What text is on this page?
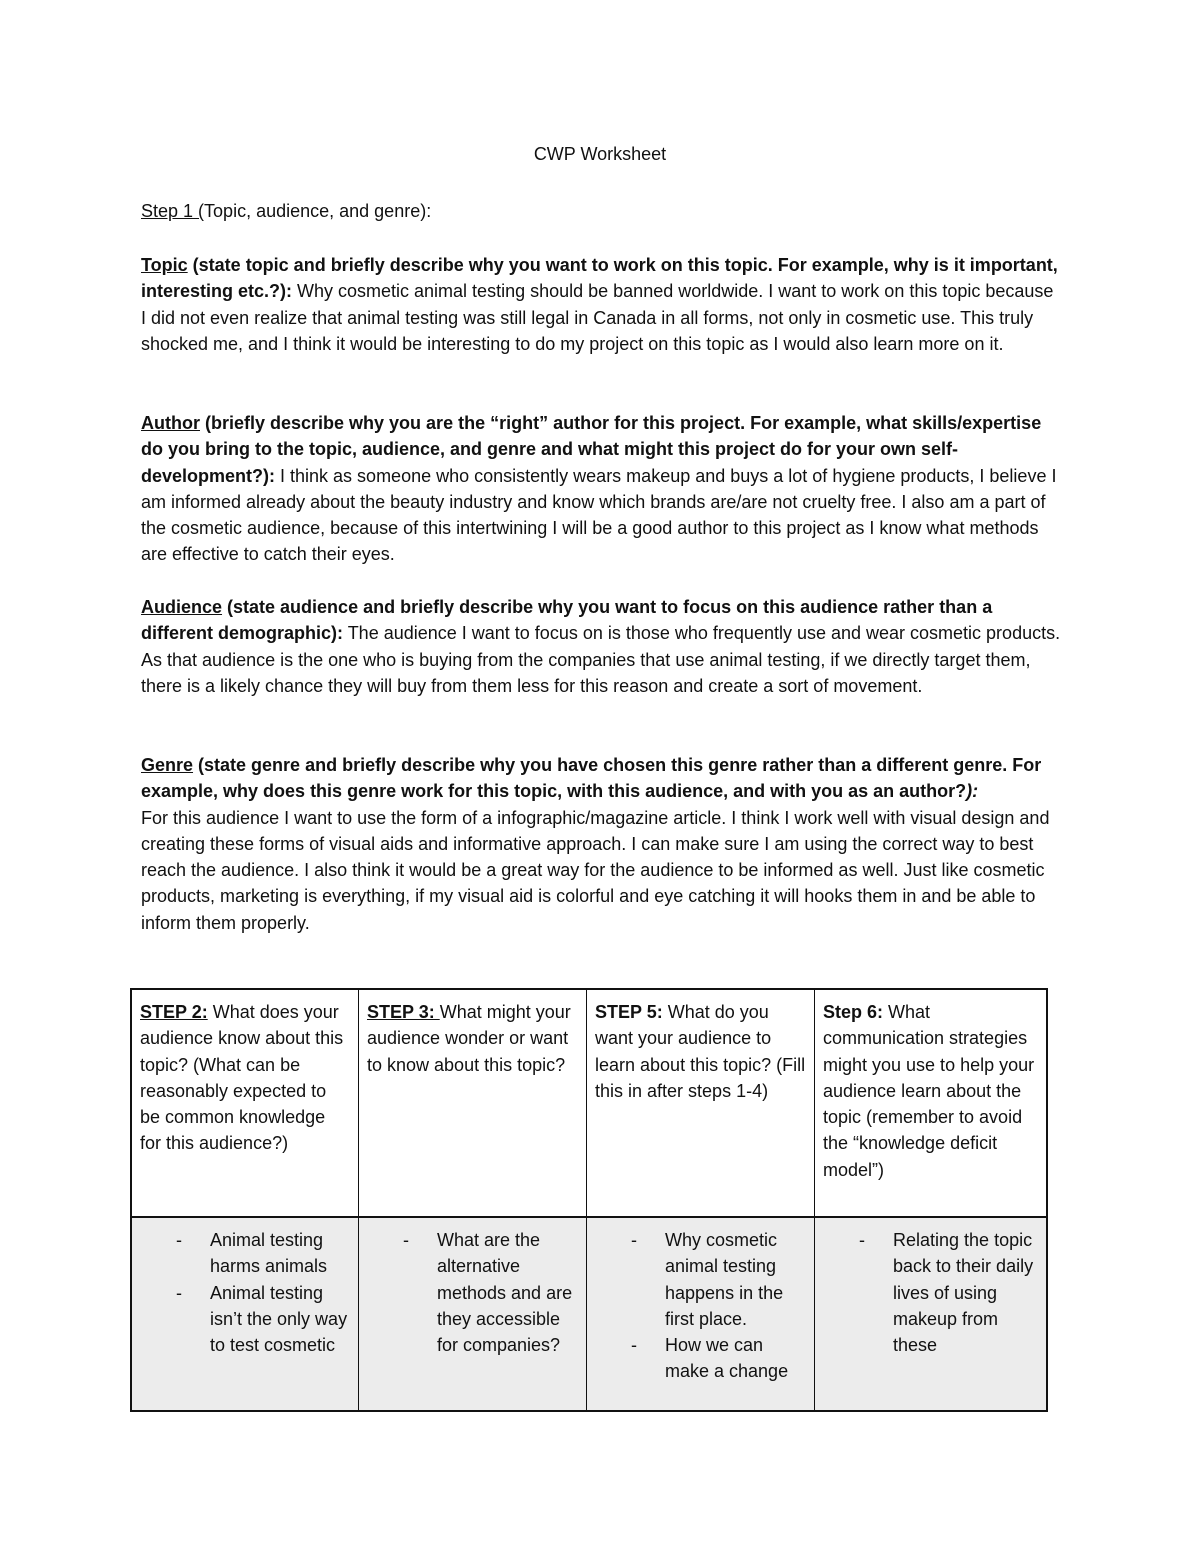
CWP Worksheet

Step 1 (Topic, audience, and genre):

Topic (state topic and briefly describe why you want to work on this topic. For example, why is it important, interesting etc.?): Why cosmetic animal testing should be banned worldwide. I want to work on this topic because I did not even realize that animal testing was still legal in Canada in all forms, not only in cosmetic use. This truly shocked me, and I think it would be interesting to do my project on this topic as I would also learn more on it.

Author (briefly describe why you are the “right” author for this project. For example, what skills/expertise do you bring to the topic, audience, and genre and what might this project do for your own self-development?): I think as someone who consistently wears makeup and buys a lot of hygiene products, I believe I am informed already about the beauty industry and know which brands are/are not cruelty free. I also am a part of the cosmetic audience, because of this intertwining I will be a good author to this project as I know what methods are effective to catch their eyes.

Audience (state audience and briefly describe why you want to focus on this audience rather than a different demographic): The audience I want to focus on is those who frequently use and wear cosmetic products. As that audience is the one who is buying from the companies that use animal testing, if we directly target them, there is a likely chance they will buy from them less for this reason and create a sort of movement.

Genre (state genre and briefly describe why you have chosen this genre rather than a different genre. For example, why does this genre work for this topic, with this audience, and with you as an author?):
For this audience I want to use the form of a infographic/magazine article. I think I work well with visual design and creating these forms of visual aids and informative approach. I can make sure I am using the correct way to best reach the audience. I also think it would be a great way for the audience to be informed as well. Just like cosmetic products, marketing is everything, if my visual aid is colorful and eye catching it will hooks them in and be able to inform them properly.

STEP 2: What does your audience know about this topic? (What can be reasonably expected to be common knowledge for this audience?)
STEP 3: What might your audience wonder or want to know about this topic?
STEP 5: What do you want your audience to learn about this topic? (Fill this in after steps 1-4)
Step 6: What communication strategies might you use to help your audience learn about the topic (remember to avoid the “knowledge deficit model”)
- Animal testing harms animals
- Animal testing isn’t the only way to test cosmetic
- What are the alternative methods and are they accessible for companies?
- Why cosmetic animal testing happens in the first place.
- How we can make a change
- Relating the topic back to their daily lives of using makeup from these
